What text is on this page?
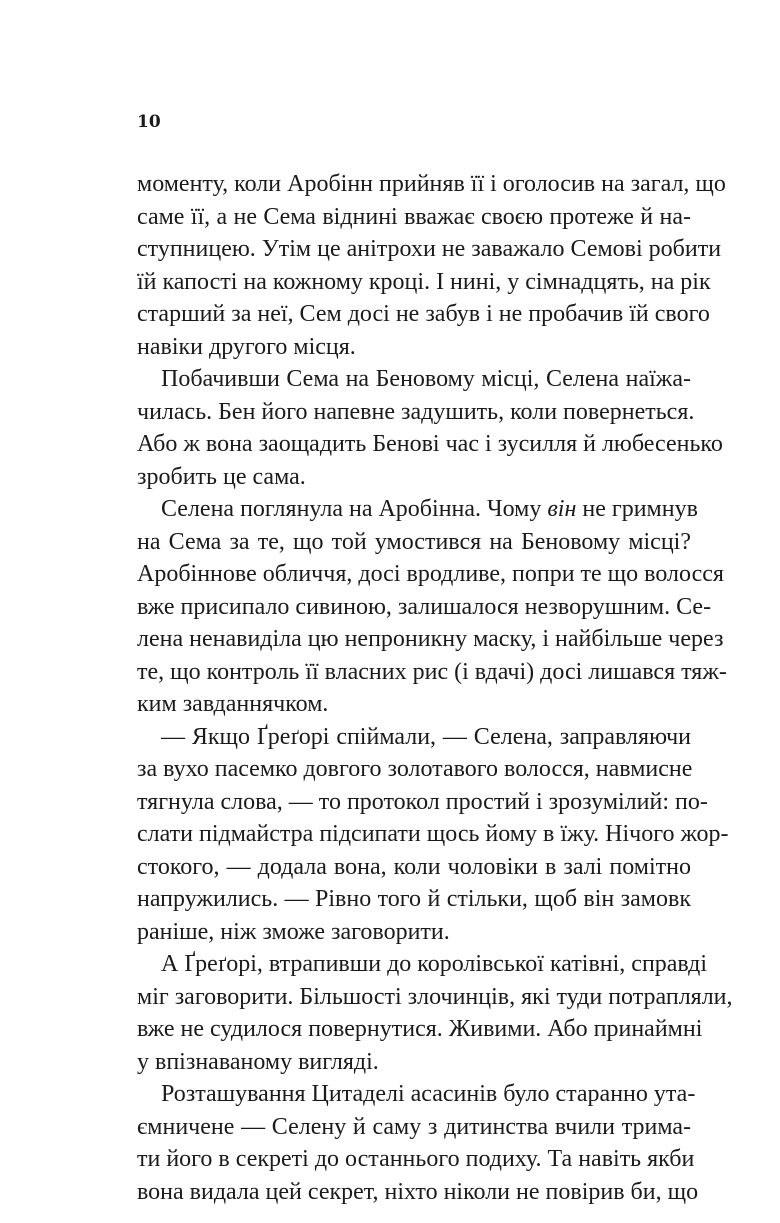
10
моменту, коли Аробінн прийняв її і оголосив на загал, що
саме її, а не Сема віднині вважає своєю протеже й на-
ступницею. Утім це анітрохи не заважало Семові робити
їй капості на кожному кроці. І нині, у сімнадцять, на рік
старший за неї, Сем досі не забув і не пробачив їй свого
навіки другого місця.
Побачивши Сема на Беновому місці, Селена наїжа-
чилась. Бен його напевне задушить, коли повернеться.
Або ж вона заощадить Бенові час і зусилля й любесенько
зробить це сама.
Селена поглянула на Аробінна. Чому він не гримнув
на Сема за те, що той умостився на Беновому місці?
Аробіннове обличчя, досі вродливе, попри те що волосся
вже присипало сивиною, залишалося незворушним. Се-
лена ненавиділа цю непроникну маску, і найбільше через
те, що контроль її власних рис (і вдачі) досі лишався тяж-
ким завданнячком.
— Якщо Ґреґорі спіймали, — Селена, заправляючи
за вухо пасемко довгого золотавого волосся, навмисне
тягнула слова, — то протокол простий і зрозумілий: по-
слати підмайстра підсипати щось йому в їжу. Нічого жор-
стокого, — додала вона, коли чоловіки в залі помітно
напружились. — Рівно того й стільки, щоб він замовк
раніше, ніж зможе заговорити.
А Ґреґорі, втрапивши до королівської катівні, справді
міг заговорити. Більшості злочинців, які туди потрапляли,
вже не судилося повернутися. Живими. Або принаймні
у впізнаваному вигляді.
Розташування Цитаделі асасинів було старанно ута-
ємничене — Селену й саму з дитинства вчили трима-
ти його в секреті до останнього подиху. Та навіть якби
вона видала цей секрет, ніхто ніколи не повірив би, що
